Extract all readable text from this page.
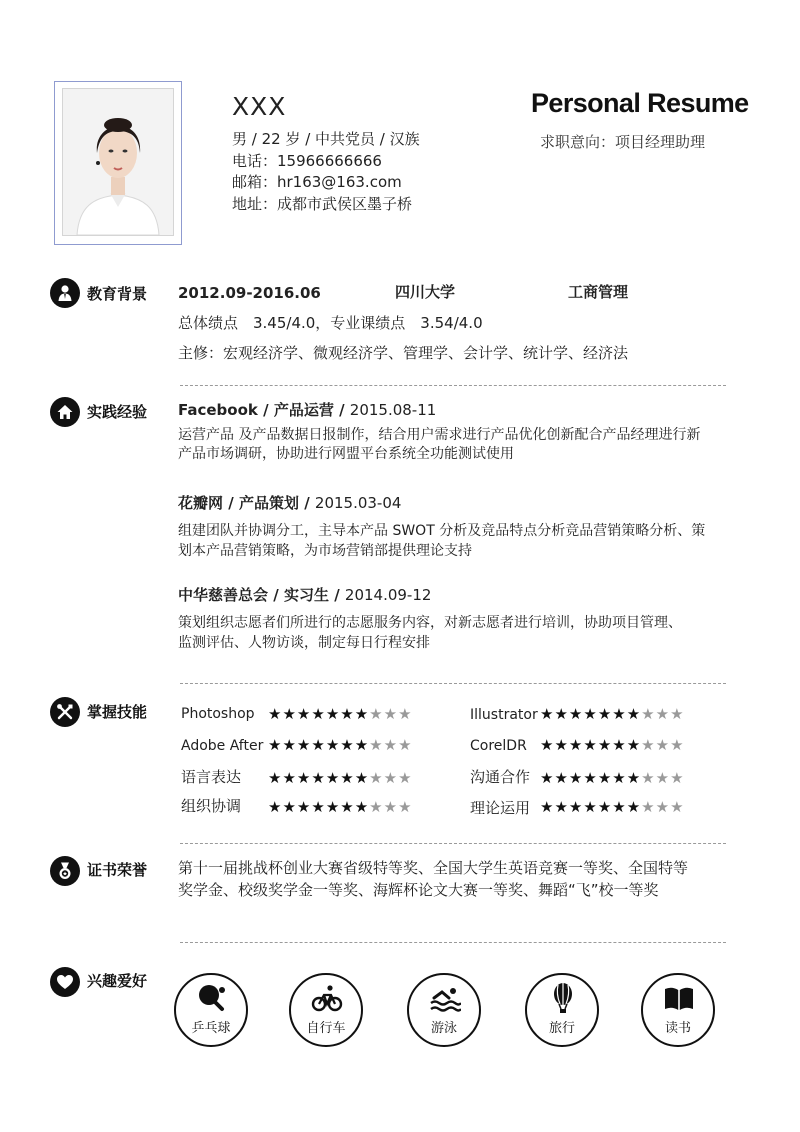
XXX
男 / 22 岁 / 中共党员 / 汉族
电话：15966666666
邮箱：hr163@163.com
地址：成都市武侯区墨子桥
Personal Resume
求职意向：项目经理助理
教育背景 2012.09-2016.06	四川大学	工商管理
总体绩点　3.45/4.0，专业课绩点　3.54/4.0
主修：宏观经济学、微观经济学、管理学、会计学、统计学、经济法
实践经验 Facebook / 产品运营 / 2015.08-11
运营产品 及产品数据日报制作，结合用户需求进行产品优化创新配合产品经理进行新
产品市场调研，协助进行网盟平台系统全功能测试使用
花瓣网 / 产品策划 / 2015.03-04
组建团队并协调分工，主导本产品 SWOT 分析及竞品特点分析竞品营销策略分析、策
划本产品营销策略，为市场营销部提供理论支持
中华慈善总会 / 实习生 / 2014.09-12
策划组织志愿者们所进行的志愿服务内容，对新志愿者进行培训，协助项目管理、
监测评估、人物访谈，制定每日行程安排
掌握技能 Photoshop ★★★★★★★★★★	Illustrator ★★★★★★★★★★
Adobe After ★★★★★★★★★★	CorelDR ★★★★★★★★★★
语言表达 ★★★★★★★★★★	沟通合作 ★★★★★★★★★★
组织协调 ★★★★★★★★★★	理论运用 ★★★★★★★★★★
证书荣誉 第十一届挑战杯创业大赛省级特等奖、全国大学生英语竞赛一等奖、全国特等
奖学金、校级奖学金一等奖、海辉杯论文大赛一等奖、舞蹈“飞”校一等奖
兴趣爱好
乒乓球	自行车	游泳	旅行	读书
